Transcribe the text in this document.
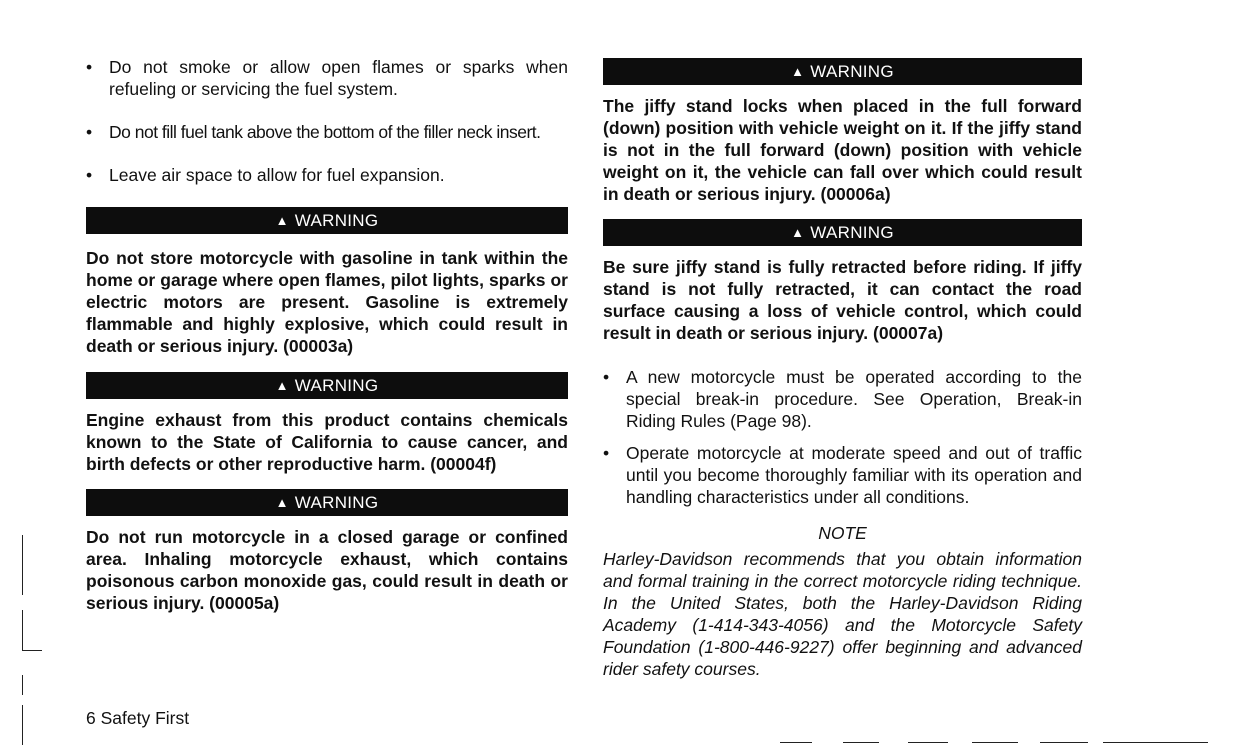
• Do not smoke or allow open flames or sparks when refueling or servicing the fuel system.
• Do not fill fuel tank above the bottom of the filler neck insert.
• Leave air space to allow for fuel expansion.
▲ WARNING

Do not store motorcycle with gasoline in tank within the home or garage where open flames, pilot lights, sparks or electric motors are present. Gasoline is extremely flammable and highly explosive, which could result in death or serious injury. (00003a)

▲ WARNING

Engine exhaust from this product contains chemicals known to the State of California to cause cancer, and birth defects or other reproductive harm. (00004f)

▲ WARNING

Do not run motorcycle in a closed garage or confined area. Inhaling motorcycle exhaust, which contains poisonous carbon monoxide gas, could result in death or serious injury. (00005a)

▲ WARNING

The jiffy stand locks when placed in the full forward (down) position with vehicle weight on it. If the jiffy stand is not in the full forward (down) position with vehicle weight on it, the vehicle can fall over which could result in death or serious injury. (00006a)

▲ WARNING

Be sure jiffy stand is fully retracted before riding. If jiffy stand is not fully retracted, it can contact the road surface causing a loss of vehicle control, which could result in death or serious injury. (00007a)

• A new motorcycle must be operated according to the special break-in procedure. See Operation, Break-in Riding Rules (Page 98).
• Operate motorcycle at moderate speed and out of traffic until you become thoroughly familiar with its operation and handling characteristics under all conditions.
NOTE

Harley-Davidson recommends that you obtain information and formal training in the correct motorcycle riding technique. In the United States, both the Harley-Davidson Riding Academy (1-414-343-4056) and the Motorcycle Safety Foundation (1-800-446-9227) offer beginning and advanced rider safety courses.

6 Safety First
